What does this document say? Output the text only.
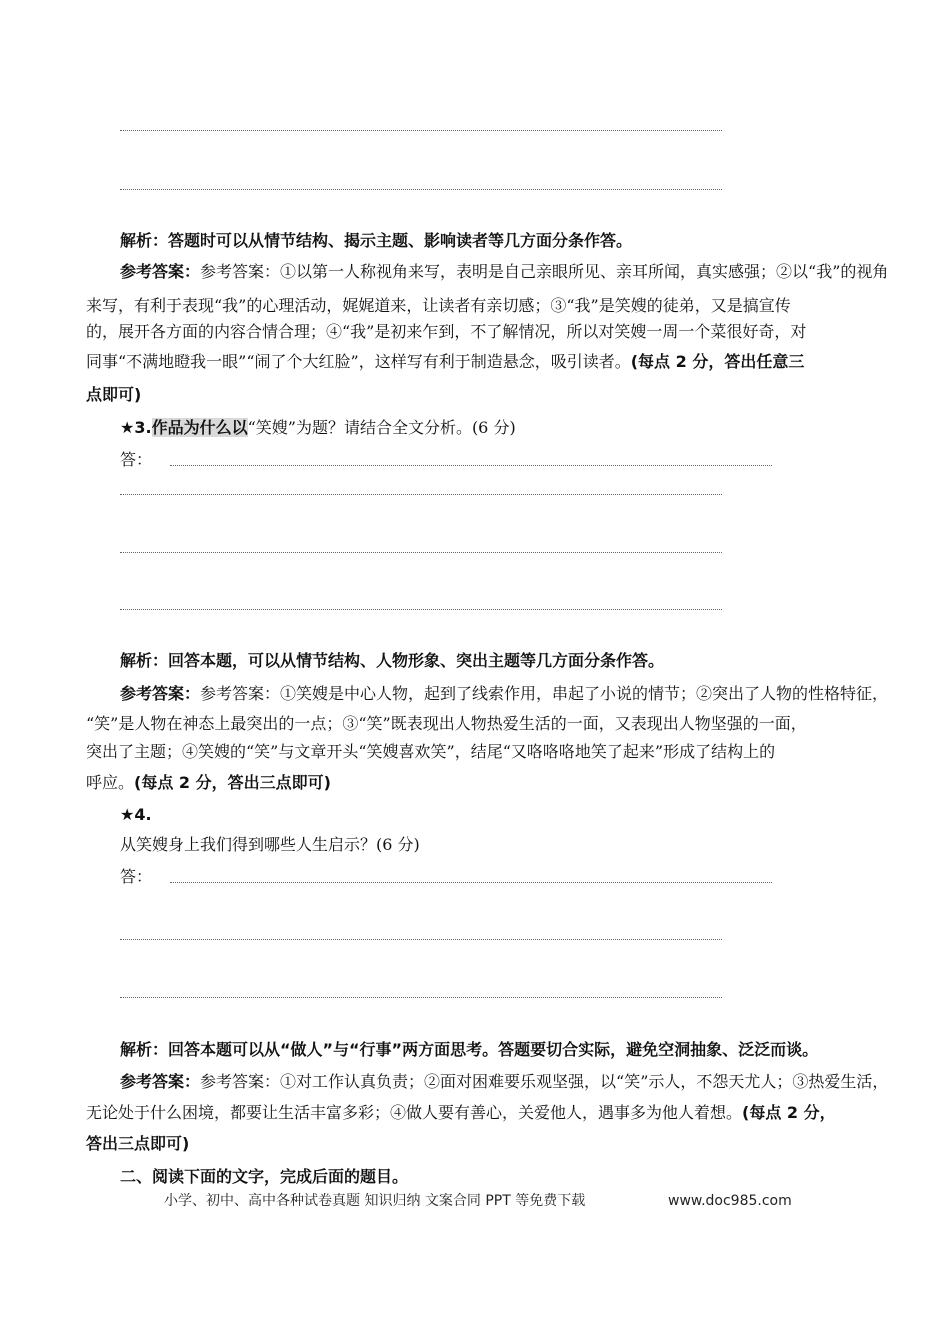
解析：答题时可以从情节结构、揭示主题、影响读者等几方面分条作答。
参考答案：参考答案：①以第一人称视角来写，表明是自己亲眼所见、亲耳所闻，真实感强；②以“我”的视角
来写，有利于表现“我”的心理活动，娓娓道来，让读者有亲切感；③“我”是笑嫂的徒弟，又是搞宣传
的，展开各方面的内容合情合理；④“我”是初来乍到，不了解情况，所以对笑嫂一周一个菜很好奇，对
同事“不满地瞪我一眼”“闹了个大红脸”，这样写有利于制造悬念，吸引读者。(每点 2 分，答出任意三
点即可)
★3.作品为什么以“笑嫂”为题？请结合全文分析。(6 分)
答：
解析：回答本题，可以从情节结构、人物形象、突出主题等几方面分条作答。
参考答案：参考答案：①笑嫂是中心人物，起到了线索作用，串起了小说的情节；②突出了人物的性格特征，
“笑”是人物在神态上最突出的一点；③“笑”既表现出人物热爱生活的一面，又表现出人物坚强的一面，
突出了主题；④笑嫂的“笑”与文章开头“笑嫂喜欢笑”，结尾“又咯咯咯地笑了起来”形成了结构上的
呼应。(每点 2 分，答出三点即可)
★4.
从笑嫂身上我们得到哪些人生启示？(6 分)
答：
解析：回答本题可以从“做人”与“行事”两方面思考。答题要切合实际，避免空洞抽象、泛泛而谈。
参考答案：参考答案：①对工作认真负责；②面对困难要乐观坚强，以“笑”示人，不怨天尤人；③热爱生活，
无论处于什么困境，都要让生活丰富多彩；④做人要有善心，关爱他人，遇事多为他人着想。(每点 2 分，
答出三点即可)
二、阅读下面的文字，完成后面的题目。
小学、初中、高中各种试卷真题 知识归纳 文案合同 PPT 等免费下载	www.doc985.com
